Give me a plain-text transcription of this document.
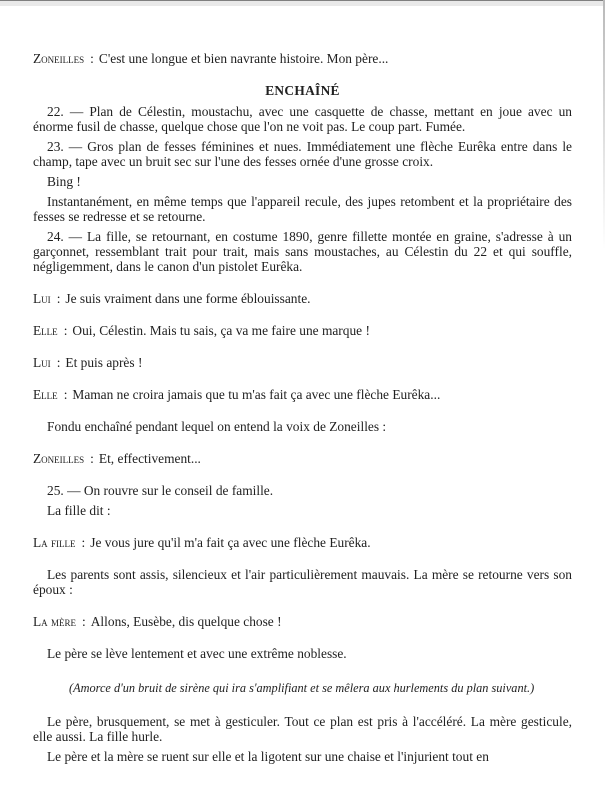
Zoneilles : C'est une longue et bien navrante histoire. Mon père...

ENCHAÎNÉ

22. — Plan de Célestin, moustachu, avec une casquette de chasse, mettant en joue avec un énorme fusil de chasse, quelque chose que l'on ne voit pas. Le coup part. Fumée.

23. — Gros plan de fesses féminines et nues. Immédiatement une flèche Eurêka entre dans le champ, tape avec un bruit sec sur l'une des fesses ornée d'une grosse croix.

Bing !

Instantanément, en même temps que l'appareil recule, des jupes retombent et la propriétaire des fesses se redresse et se retourne.

24. — La fille, se retournant, en costume 1890, genre fillette montée en graine, s'adresse à un garçonnet, ressemblant trait pour trait, mais sans moustaches, au Célestin du 22 et qui souffle, négligemment, dans le canon d'un pistolet Eurêka.

Lui : Je suis vraiment dans une forme éblouissante.

Elle : Oui, Célestin. Mais tu sais, ça va me faire une marque !

Lui : Et puis après !

Elle : Maman ne croira jamais que tu m'as fait ça avec une flèche Eurêka...

Fondu enchaîné pendant lequel on entend la voix de Zoneilles :

Zoneilles : Et, effectivement...

25. — On rouvre sur le conseil de famille.

La fille dit :

La fille : Je vous jure qu'il m'a fait ça avec une flèche Eurêka.

Les parents sont assis, silencieux et l'air particulièrement mauvais. La mère se retourne vers son époux :

La mère : Allons, Eusèbe, dis quelque chose !

Le père se lève lentement et avec une extrême noblesse.

(Amorce d'un bruit de sirène qui ira s'amplifiant et se mêlera aux hurlements du plan suivant.)

Le père, brusquement, se met à gesticuler. Tout ce plan est pris à l'accéléré. La mère gesticule, elle aussi. La fille hurle.

Le père et la mère se ruent sur elle et la ligotent sur une chaise et l'injurient tout en
